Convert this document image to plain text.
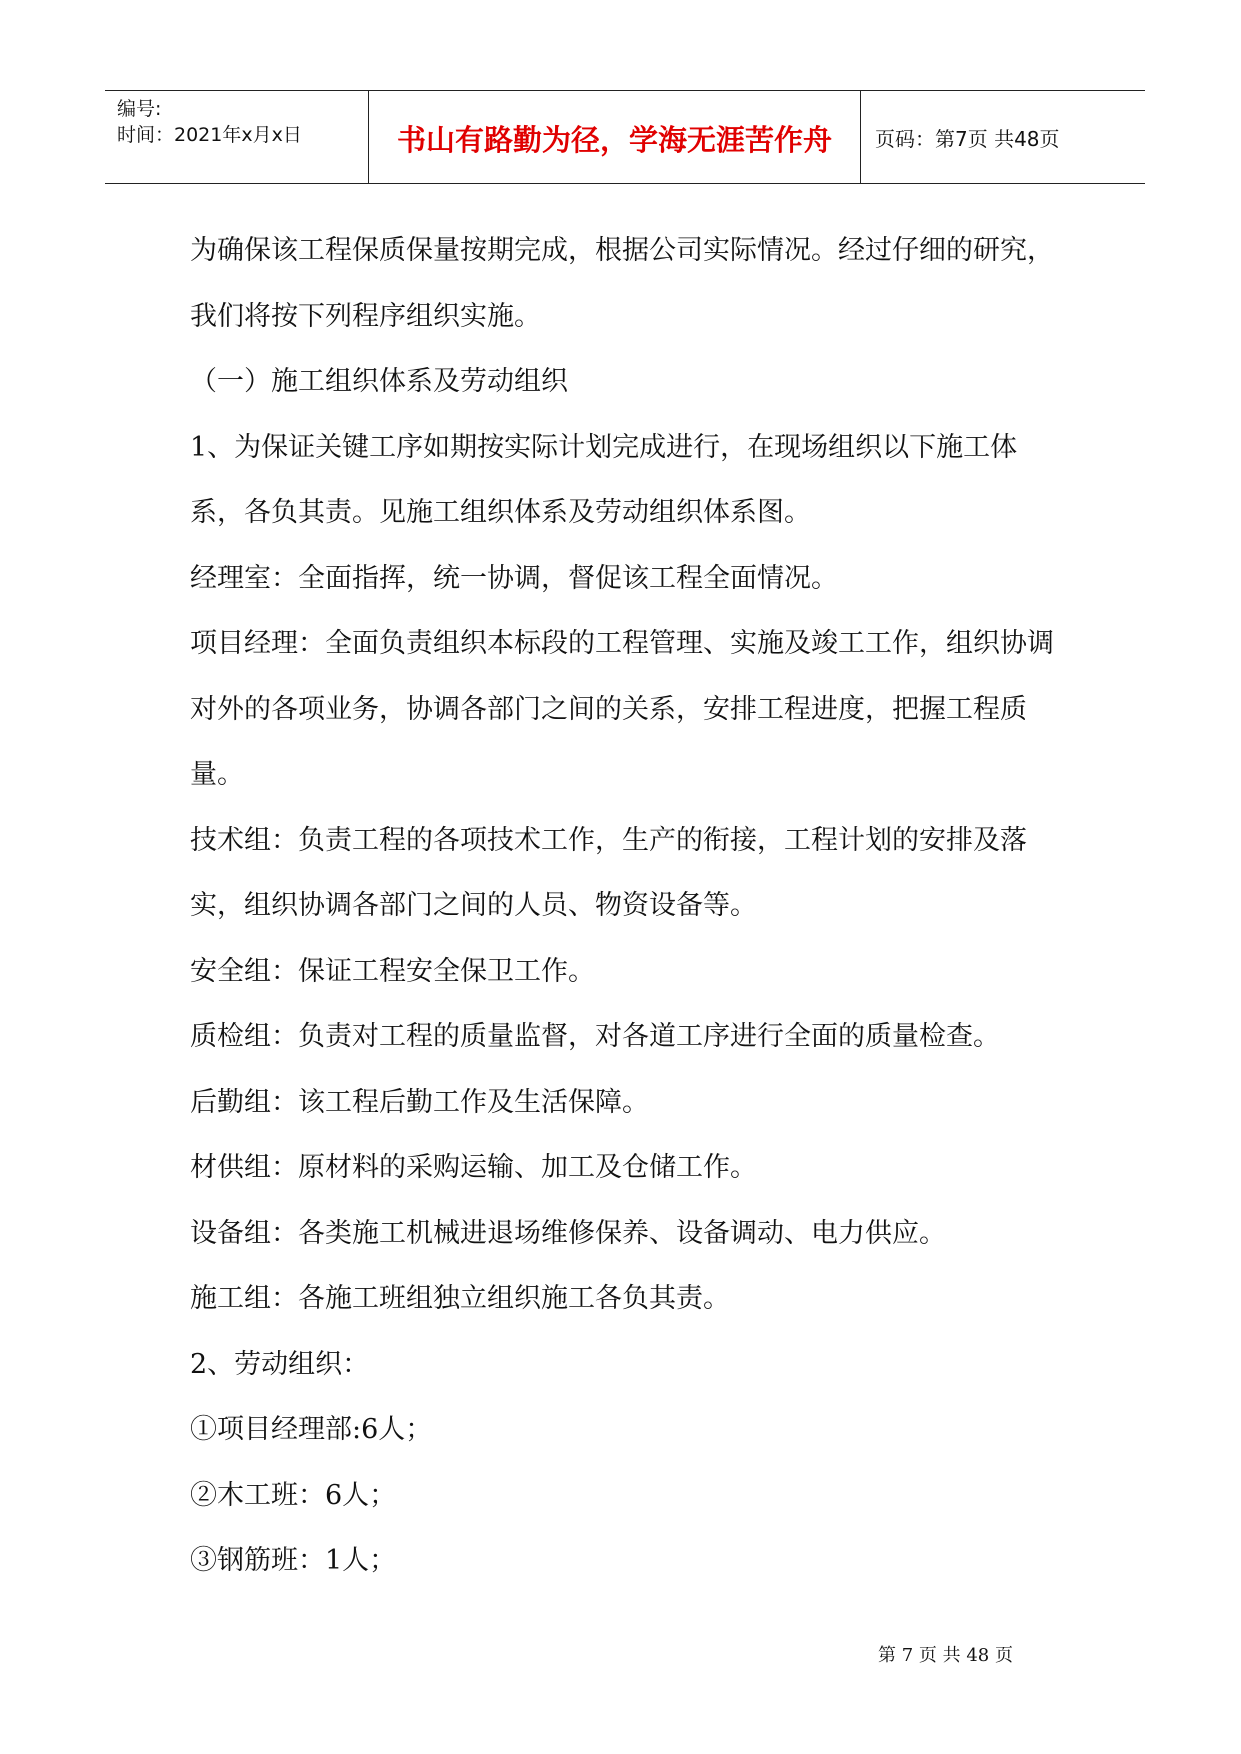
编号:
时间：2021年x月x日	书山有路勤为径，学海无涯苦作舟 页码：第7页 共48页

为确保该工程保质保量按期完成，根据公司实际情况。经过仔细的研究，我们将按下列程序组织实施。

（一）施工组织体系及劳动组织

1、为保证关键工序如期按实际计划完成进行，在现场组织以下施工体系，各负其责。见施工组织体系及劳动组织体系图。

经理室：全面指挥，统一协调，督促该工程全面情况。

项目经理：全面负责组织本标段的工程管理、实施及竣工工作，组织协调对外的各项业务，协调各部门之间的关系，安排工程进度，把握工程质量。

技术组：负责工程的各项技术工作，生产的衔接，工程计划的安排及落实，组织协调各部门之间的人员、物资设备等。

安全组：保证工程安全保卫工作。

质检组：负责对工程的质量监督，对各道工序进行全面的质量检查。

后勤组：该工程后勤工作及生活保障。

材供组：原材料的采购运输、加工及仓储工作。

设备组：各类施工机械进退场维修保养、设备调动、电力供应。

施工组：各施工班组独立组织施工各负其责。

2、劳动组织：

①项目经理部:6人；

②木工班：6人；

③钢筋班：1人；

第 7 页 共 48 页
